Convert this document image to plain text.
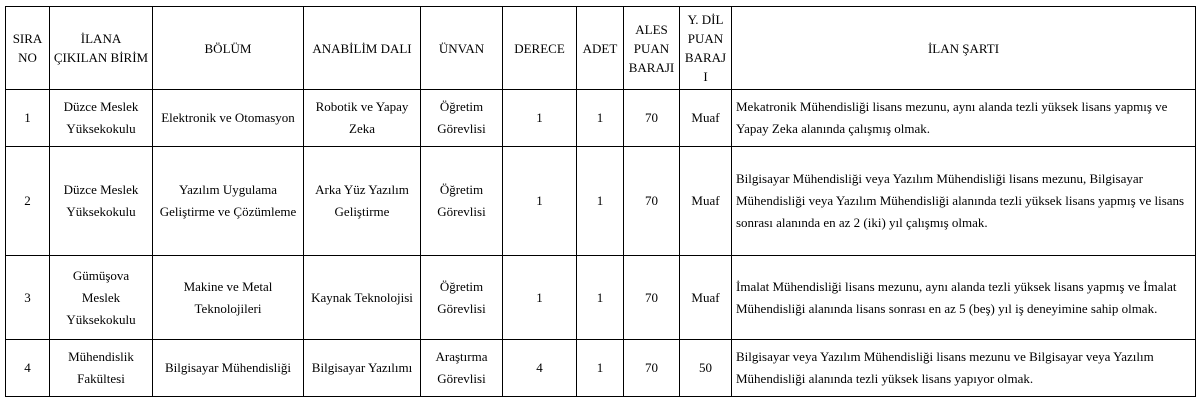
SIRA NO	İLANA ÇIKILAN BİRİM	BÖLÜM	ANABİLİM DALI	ÜNVAN	DERECE	ADET	ALES PUAN BARAJI	Y. DİL PUAN BARAJI	İLAN ŞARTI
1	Düzce Meslek Yüksekokulu	Elektronik ve Otomasyon	Robotik ve Yapay Zeka	Öğretim Görevlisi	1	1	70	Muaf	Mekatronik Mühendisliği lisans mezunu, aynı alanda tezli yüksek lisans yapmış ve Yapay Zeka alanında çalışmış olmak.
2	Düzce Meslek Yüksekokulu	Yazılım Uygulama Geliştirme ve Çözümleme	Arka Yüz Yazılım Geliştirme	Öğretim Görevlisi	1	1	70	Muaf	Bilgisayar Mühendisliği veya Yazılım Mühendisliği lisans mezunu, Bilgisayar Mühendisliği veya Yazılım Mühendisliği alanında tezli yüksek lisans yapmış ve lisans sonrası alanında en az 2 (iki) yıl çalışmış olmak.
3	Gümüşova Meslek Yüksekokulu	Makine ve Metal Teknolojileri	Kaynak Teknolojisi	Öğretim Görevlisi	1	1	70	Muaf	İmalat Mühendisliği lisans mezunu, aynı alanda tezli yüksek lisans yapmış ve İmalat Mühendisliği alanında lisans sonrası en az 5 (beş) yıl iş deneyimine sahip olmak.
4	Mühendislik Fakültesi	Bilgisayar Mühendisliği	Bilgisayar Yazılımı	Araştırma Görevlisi	4	1	70	50	Bilgisayar veya Yazılım Mühendisliği lisans mezunu ve Bilgisayar veya Yazılım Mühendisliği alanında tezli yüksek lisans yapıyor olmak.
